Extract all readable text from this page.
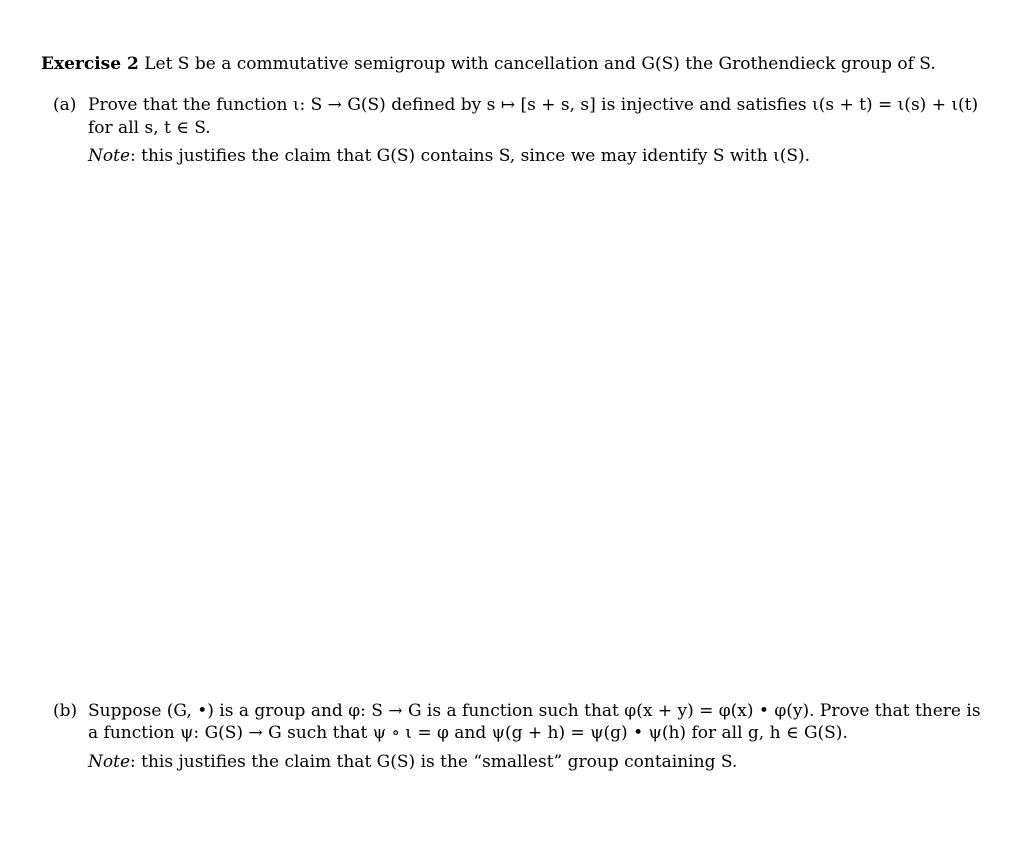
Exercise 2 Let S be a commutative semigroup with cancellation and G(S) the Grothendieck group of S.
(a) Prove that the function ι: S → G(S) defined by s ↦ [s + s, s] is injective and satisfies ι(s + t) = ι(s) + ι(t)
for all s, t ∈ S.
Note: this justifies the claim that G(S) contains S, since we may identify S with ι(S).
(b) Suppose (G, •) is a group and φ: S → G is a function such that φ(x + y) = φ(x) • φ(y). Prove that there is
a function ψ: G(S) → G such that ψ ∘ ι = φ and ψ(g + h) = ψ(g) • ψ(h) for all g, h ∈ G(S).
Note: this justifies the claim that G(S) is the “smallest” group containing S.
